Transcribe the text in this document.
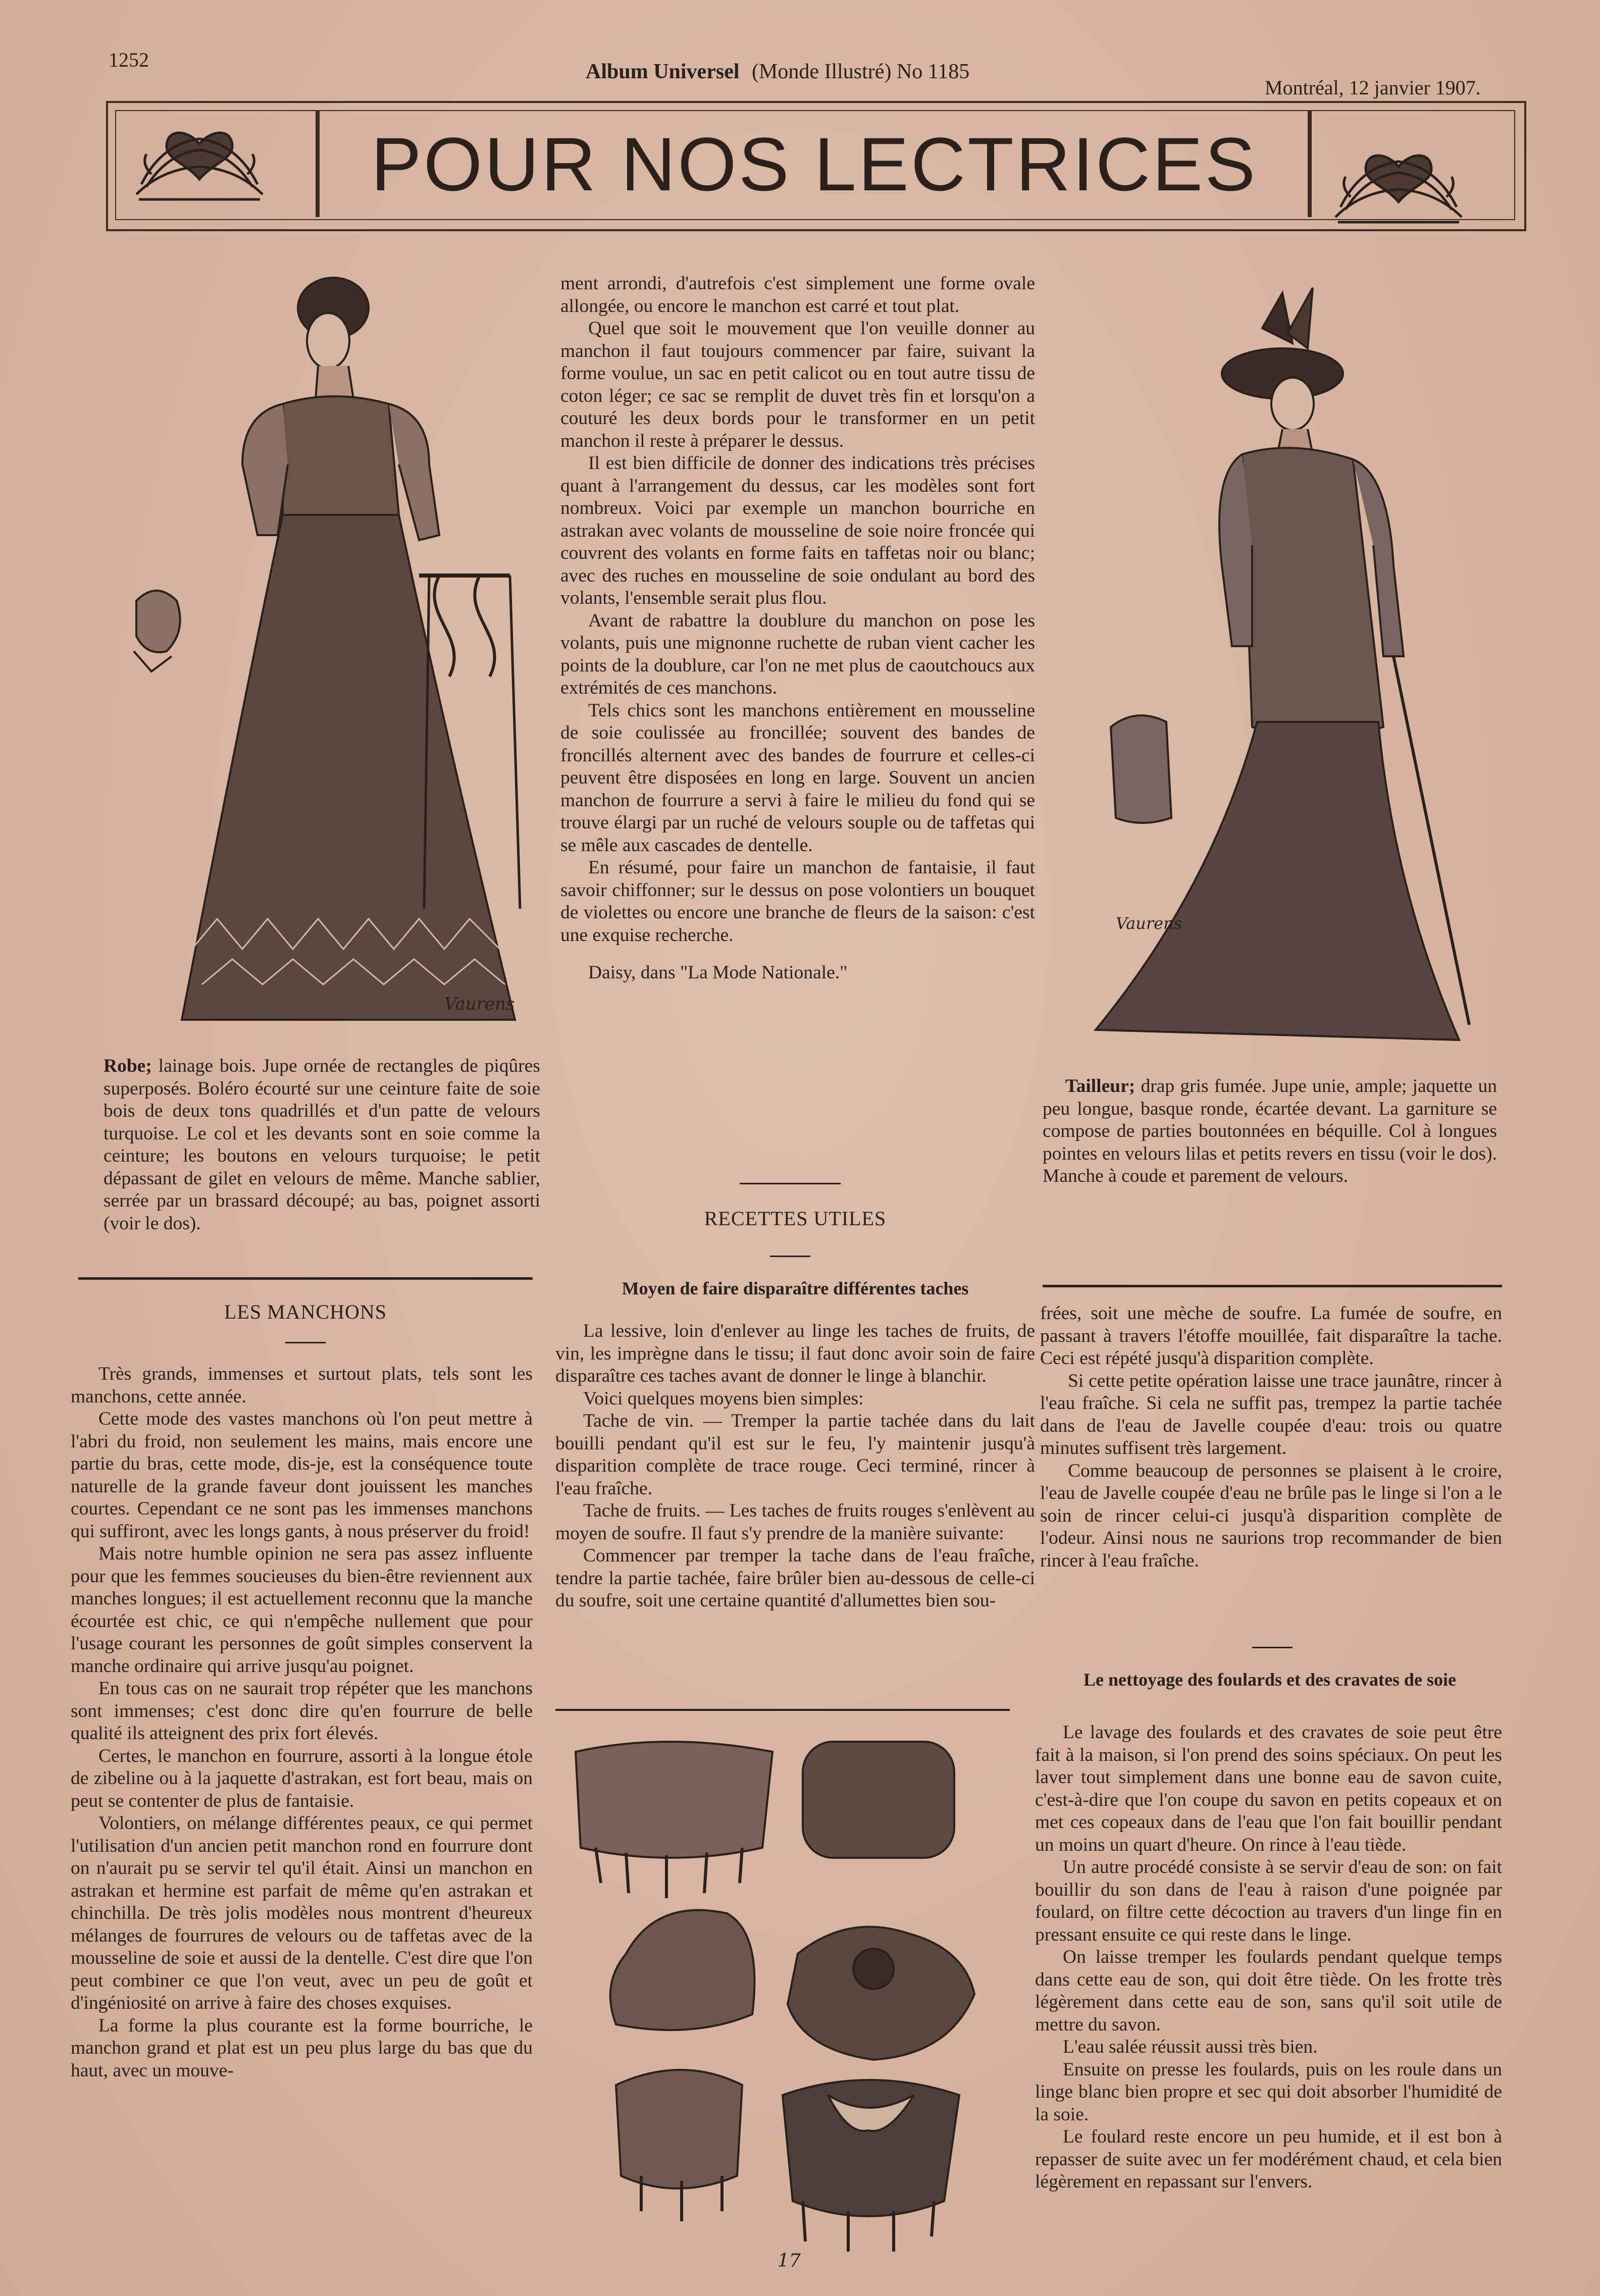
1252
Album Universel (Monde Illustré) No 1185
Montréal, 12 janvier 1907.
POUR NOS LECTRICES
Vaurens

Robe; lainage bois. Jupe ornée de rectangles de piqûres superposés. Boléro écourté sur une ceinture faite de soie bois de deux tons quadrillés et d'un patte de velours turquoise. Le col et les devants sont en soie comme la ceinture; les boutons en velours turquoise; le petit dépassant de gilet en velours de même. Manche sablier, serrée par un brassard découpé; au bas, poignet assorti (voir le dos).

LES MANCHONS

Très grands, immenses et surtout plats, tels sont les manchons, cette année.

Cette mode des vastes manchons où l'on peut mettre à l'abri du froid, non seulement les mains, mais encore une partie du bras, cette mode, dis-je, est la conséquence toute naturelle de la grande faveur dont jouissent les manches courtes. Cependant ce ne sont pas les immenses manchons qui suffiront, avec les longs gants, à nous préserver du froid!

Mais notre humble opinion ne sera pas assez influente pour que les femmes soucieuses du bien-être reviennent aux manches longues; il est actuellement reconnu que la manche écourtée est chic, ce qui n'empêche nullement que pour l'usage courant les personnes de goût simples conservent la manche ordinaire qui arrive jusqu'au poignet.

En tous cas on ne saurait trop répéter que les manchons sont immenses; c'est donc dire qu'en fourrure de belle qualité ils atteignent des prix fort élevés.

Certes, le manchon en fourrure, assorti à la longue étole de zibeline ou à la jaquette d'astrakan, est fort beau, mais on peut se contenter de plus de fantaisie.

Volontiers, on mélange différentes peaux, ce qui permet l'utilisation d'un ancien petit manchon rond en fourrure dont on n'aurait pu se servir tel qu'il était. Ainsi un manchon en astrakan et hermine est parfait de même qu'en astrakan et chinchilla. De très jolis modèles nous montrent d'heureux mélanges de fourrures de velours ou de taffetas avec de la mousseline de soie et aussi de la dentelle. C'est dire que l'on peut combiner ce que l'on veut, avec un peu de goût et d'ingéniosité on arrive à faire des choses exquises.

La forme la plus courante est la forme bourriche, le manchon grand et plat est un peu plus large du bas que du haut, avec un mouve-

ment arrondi, d'autrefois c'est simplement une forme ovale allongée, ou encore le manchon est carré et tout plat.

Quel que soit le mouvement que l'on veuille donner au manchon il faut toujours commencer par faire, suivant la forme voulue, un sac en petit calicot ou en tout autre tissu de coton léger; ce sac se remplit de duvet très fin et lorsqu'on a couturé les deux bords pour le transformer en un petit manchon il reste à préparer le dessus.

Il est bien difficile de donner des indications très précises quant à l'arrangement du dessus, car les modèles sont fort nombreux. Voici par exemple un manchon bourriche en astrakan avec volants de mousseline de soie noire froncée qui couvrent des volants en forme faits en taffetas noir ou blanc; avec des ruches en mousseline de soie ondulant au bord des volants, l'ensemble serait plus flou.

Avant de rabattre la doublure du manchon on pose les volants, puis une mignonne ruchette de ruban vient cacher les points de la doublure, car l'on ne met plus de caoutchoucs aux extrémités de ces manchons.

Tels chics sont les manchons entièrement en mousseline de soie coulissée au froncillée; souvent des bandes de froncillés alternent avec des bandes de fourrure et celles-ci peuvent être disposées en long en large. Souvent un ancien manchon de fourrure a servi à faire le milieu du fond qui se trouve élargi par un ruché de velours souple ou de taffetas qui se mêle aux cascades de dentelle.

En résumé, pour faire un manchon de fantaisie, il faut savoir chiffonner; sur le dessus on pose volontiers un bouquet de violettes ou encore une branche de fleurs de la saison: c'est une exquise recherche.

Daisy, dans "La Mode Nationale."

RECETTES UTILES
Moyen de faire disparaître différentes taches

La lessive, loin d'enlever au linge les taches de fruits, de vin, les imprègne dans le tissu; il faut donc avoir soin de faire disparaître ces taches avant de donner le linge à blanchir.

Voici quelques moyens bien simples:

Tache de vin. — Tremper la partie tachée dans du lait bouilli pendant qu'il est sur le feu, l'y maintenir jusqu'à disparition complète de trace rouge. Ceci terminé, rincer à l'eau fraîche.

Tache de fruits. — Les taches de fruits rouges s'enlèvent au moyen de soufre. Il faut s'y prendre de la manière suivante:

Commencer par tremper la tache dans de l'eau fraîche, tendre la partie tachée, faire brûler bien au-dessous de celle-ci du soufre, soit une certaine quantité d'allumettes bien sou-

17
Vaurens

Tailleur; drap gris fumée. Jupe unie, ample; jaquette un peu longue, basque ronde, écartée devant. La garniture se compose de parties boutonnées en béquille. Col à longues pointes en velours lilas et petits revers en tissu (voir le dos). Manche à coude et parement de velours.

frées, soit une mèche de soufre. La fumée de soufre, en passant à travers l'étoffe mouillée, fait disparaître la tache. Ceci est répété jusqu'à disparition complète.

Si cette petite opération laisse une trace jaunâtre, rincer à l'eau fraîche. Si cela ne suffit pas, trempez la partie tachée dans de l'eau de Javelle coupée d'eau: trois ou quatre minutes suffisent très largement.

Comme beaucoup de personnes se plaisent à le croire, l'eau de Javelle coupée d'eau ne brûle pas le linge si l'on a le soin de rincer celui-ci jusqu'à disparition complète de l'odeur. Ainsi nous ne saurions trop recommander de bien rincer à l'eau fraîche.

Le nettoyage des foulards et des cravates de soie

Le lavage des foulards et des cravates de soie peut être fait à la maison, si l'on prend des soins spéciaux. On peut les laver tout simplement dans une bonne eau de savon cuite, c'est-à-dire que l'on coupe du savon en petits copeaux et on met ces copeaux dans de l'eau que l'on fait bouillir pendant un moins un quart d'heure. On rince à l'eau tiède.

Un autre procédé consiste à se servir d'eau de son: on fait bouillir du son dans de l'eau à raison d'une poignée par foulard, on filtre cette décoction au travers d'un linge fin en pressant ensuite ce qui reste dans le linge.

On laisse tremper les foulards pendant quelque temps dans cette eau de son, qui doit être tiède. On les frotte très légèrement dans cette eau de son, sans qu'il soit utile de mettre du savon.

L'eau salée réussit aussi très bien.

Ensuite on presse les foulards, puis on les roule dans un linge blanc bien propre et sec qui doit absorber l'humidité de la soie.

Le foulard reste encore un peu humide, et il est bon à repasser de suite avec un fer modérément chaud, et cela bien légèrement en repassant sur l'envers.
